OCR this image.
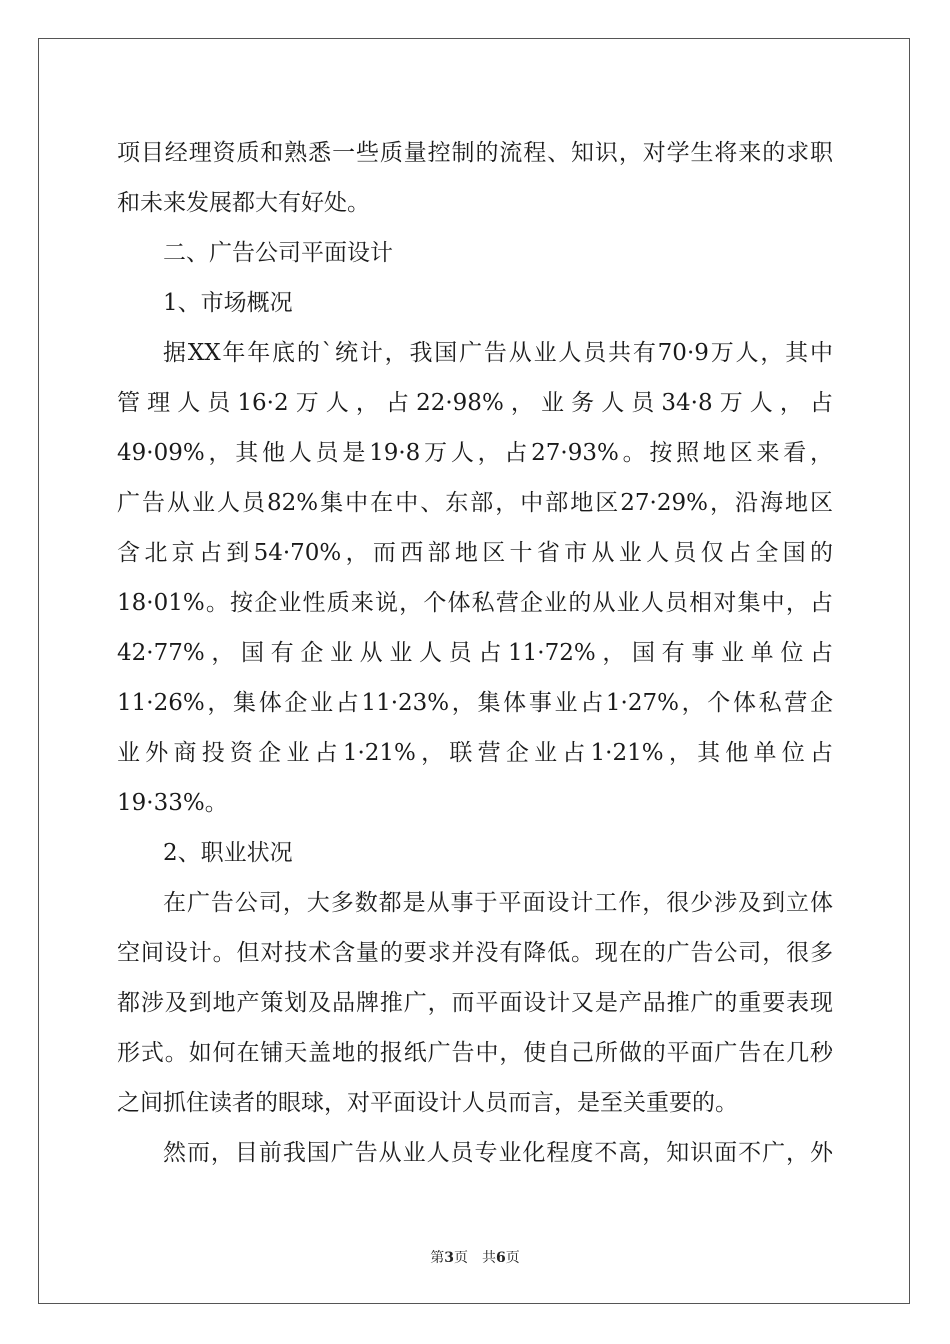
项目经理资质和熟悉一些质量控制的流程、知识，对学生将来的求职
和未来发展都大有好处。
二、广告公司平面设计
1、市场概况
据XX年年底的`统计，我国广告从业人员共有70·9万人，其中
管理人员16·2万人，占22·98%，业务人员34·8万人，占
49·09%，其他人员是19·8万人，占27·93%。按照地区来看，
广告从业人员82%集中在中、东部，中部地区27·29%，沿海地区
含北京占到54·70%，而西部地区十省市从业人员仅占全国的
18·01%。按企业性质来说，个体私营企业的从业人员相对集中，占
42·77%，国有企业从业人员占11·72%，国有事业单位占
11·26%，集体企业占11·23%，集体事业占1·27%，个体私营企
业外商投资企业占1·21%，联营企业占1·21%，其他单位占
19·33%。
2、职业状况
在广告公司，大多数都是从事于平面设计工作，很少涉及到立体
空间设计。但对技术含量的要求并没有降低。现在的广告公司，很多
都涉及到地产策划及品牌推广，而平面设计又是产品推广的重要表现
形式。如何在铺天盖地的报纸广告中，使自己所做的平面广告在几秒
之间抓住读者的眼球，对平面设计人员而言，是至关重要的。
然而，目前我国广告从业人员专业化程度不高，知识面不广，外
第3页　共6页
